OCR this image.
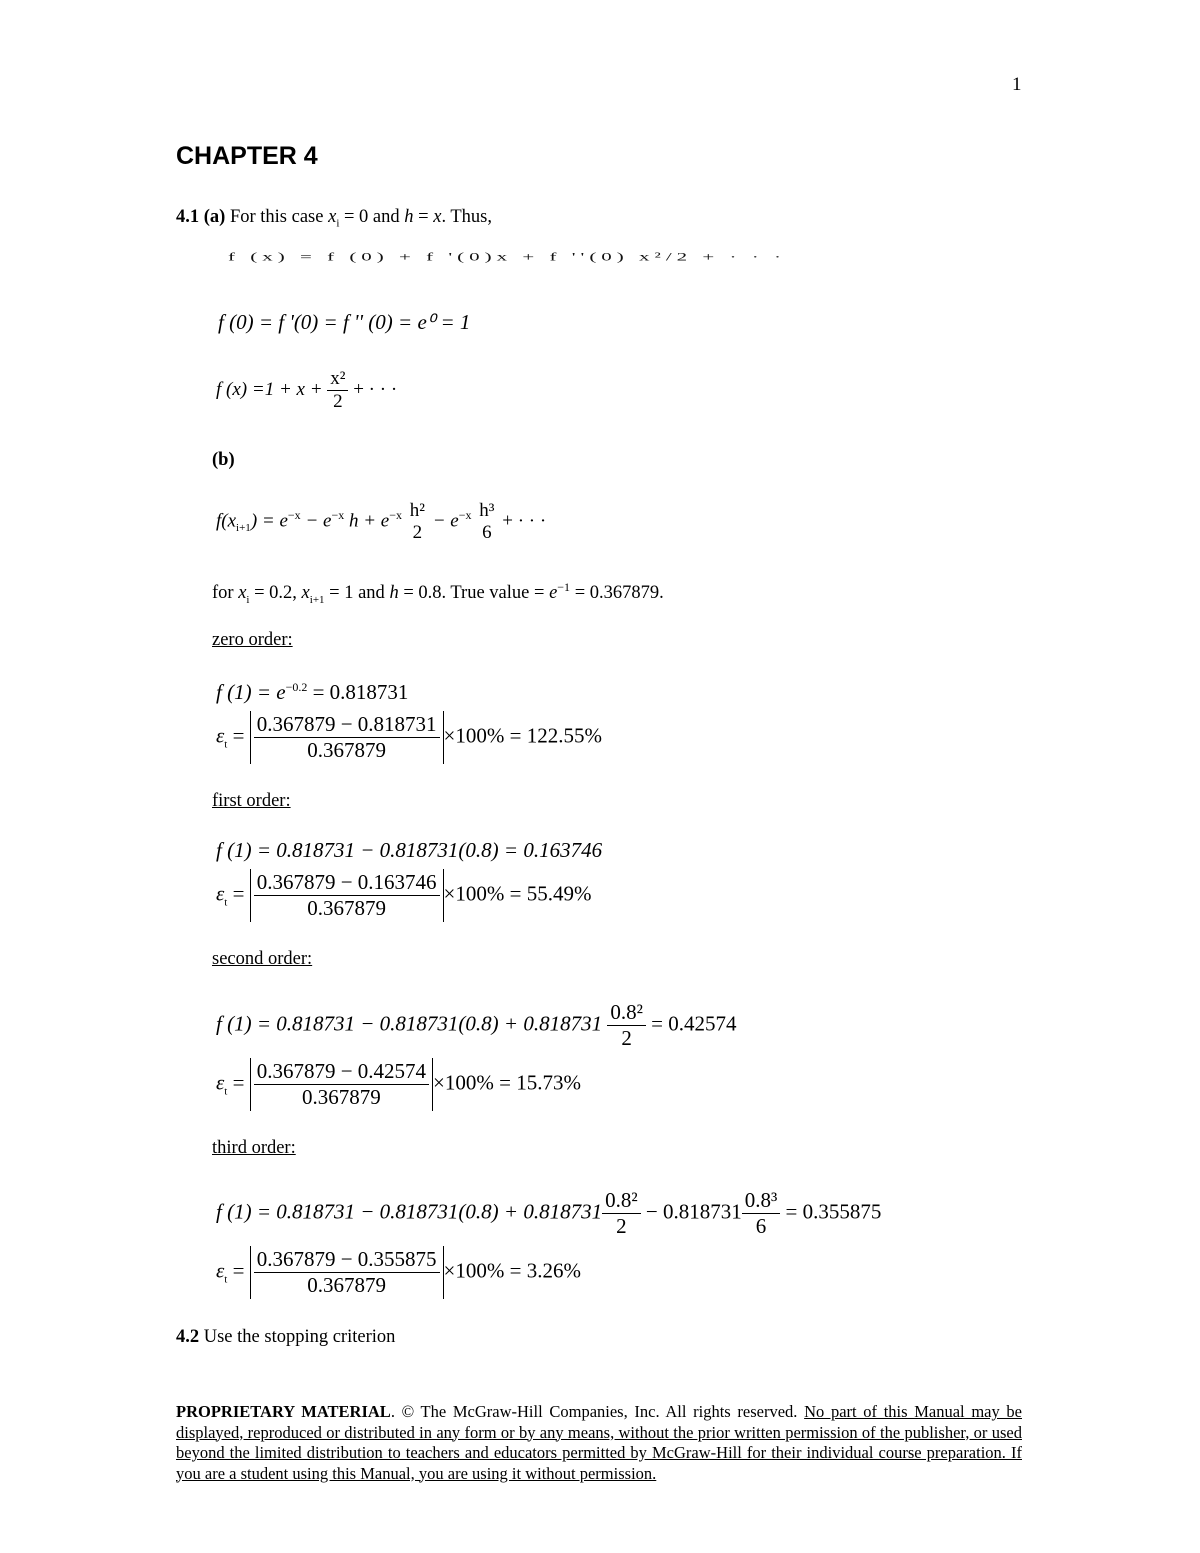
1
CHAPTER 4
4.1 (a) For this case $x_i = 0$ and h = x. Thus,
f (x) = f (0) + f '(0)x + f ''(0) x²/2 + · · ·
f (0) = f '(0) = f '' (0) = e⁰ = 1
f $(x) =1 + x + \frac{\text{x²}}{2}$ + · · ·
(b)
$f(x_{i+1}) = e^{-x} - e^{-x}$ $h + e^{-x}$ h²
2
− $e^{-x}$ h³
6
+ · · ·
for $x_i = 0.2$, $x_{i+1} = 1$ and h = 0.8. True value = $e^{-1} = 0.367879$.
zero order:
f $(1) = e^{-0.2} = 0.818731$
$\varepsilon_t = \frac{0.367879 - 0.818731}{0.367879} \times 100\% = 122.55\%$
first order:
f (1) = 0.818731 − 0.818731(0.8) = 0.163746
$\varepsilon_t = \frac{0.367879 - 0.163746}{0.367879} \times 100\% = 55.49\%$
second order:
f $(1) = 0.818731 - 0.818731(0.8) + 0.818731 \frac{\text{0.8²}}{2} = 0.42574$
$\varepsilon_t = \frac{0.367879 - 0.42574}{0.367879} \times 100\% = 15.73\%$
third order:
f $(1) = 0.818731 - 0.818731(0.8) + 0.818731 \frac{\text{0.8²}}{2} - 0.818731 \frac{\text{0.8³}}{6} = 0.355875$
$\varepsilon_t = \frac{0.367879 - 0.355875}{0.367879} \times 100\% = 3.26\%$
4.2 Use the stopping criterion
PROPRIETARY MATERIAL. © The McGraw-Hill Companies, Inc. All rights reserved. No part of this Manual may be displayed, reproduced or distributed in any form or by any means, without the prior written permission of the publisher, or used beyond the limited distribution to teachers and educators permitted by McGraw-Hill for their individual course preparation. If you are a student using this Manual, you are using it without permission.
